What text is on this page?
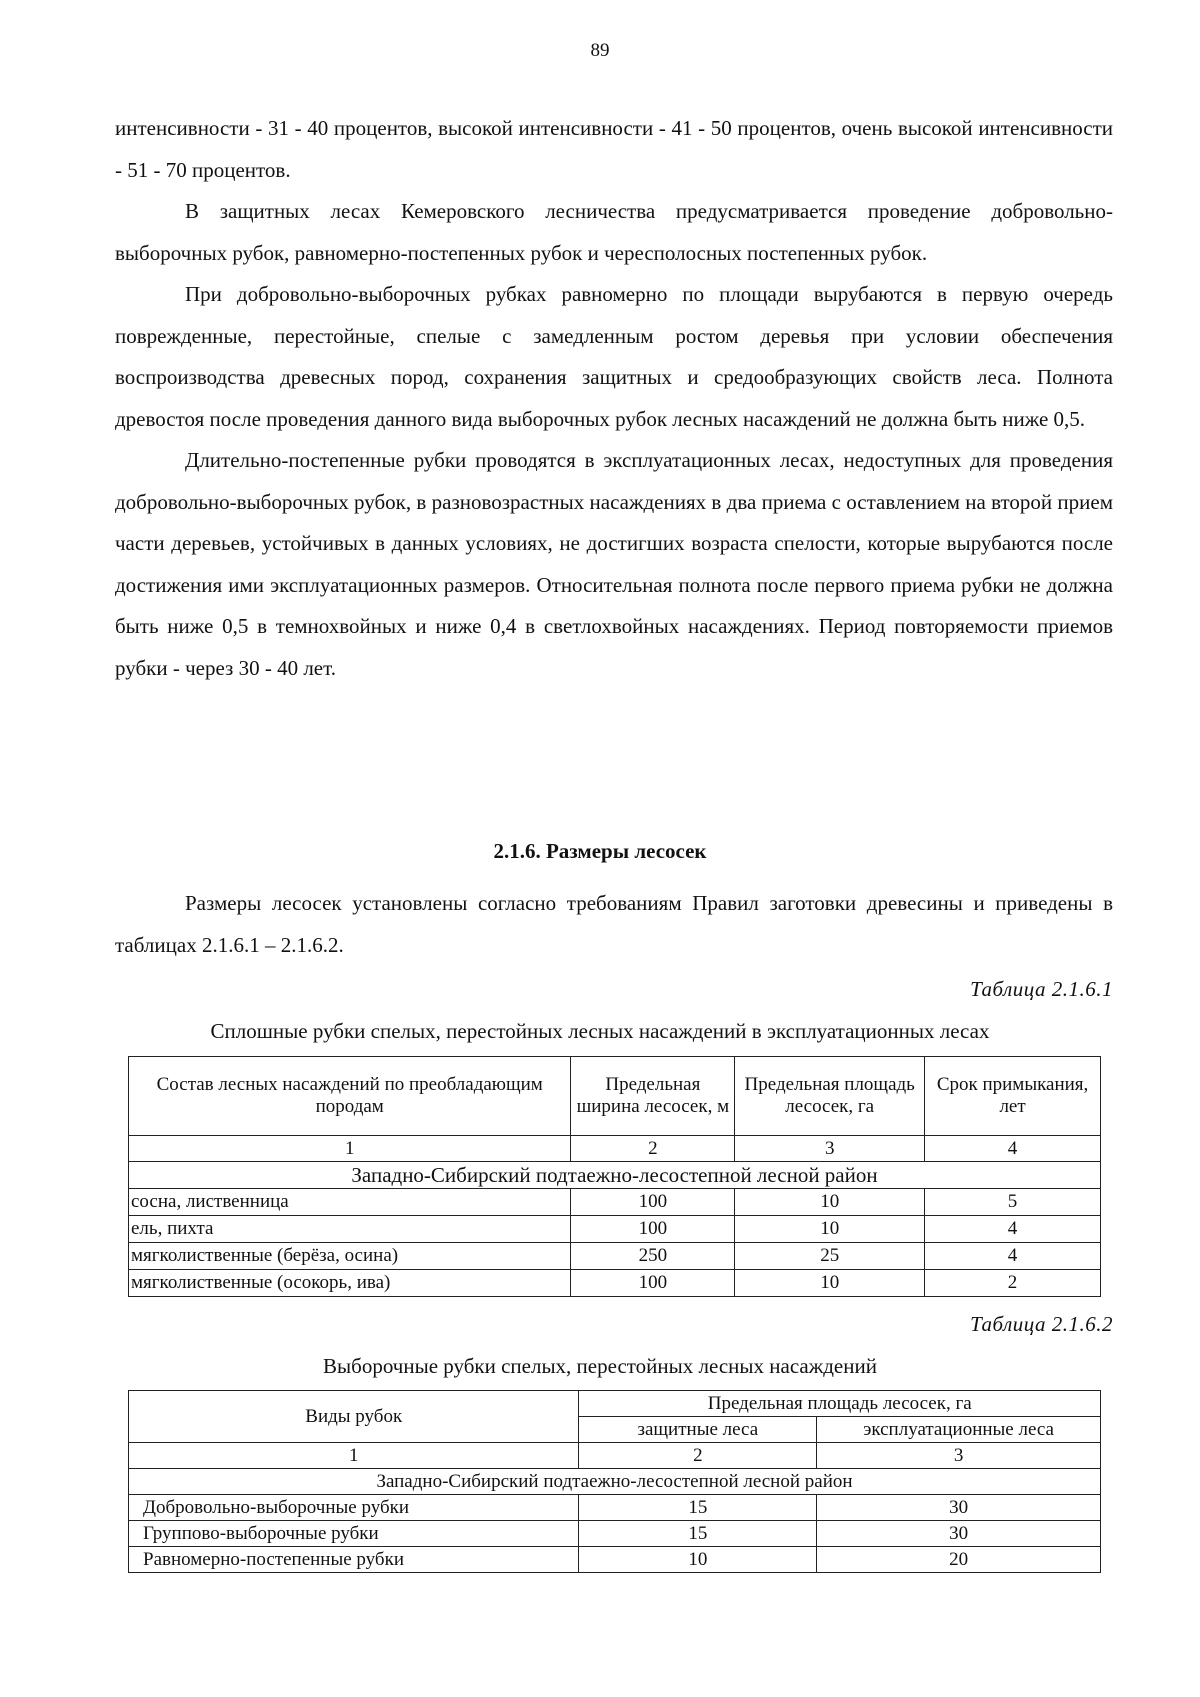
89

интенсивности - 31 - 40 процентов, высокой интенсивности - 41 - 50 процентов, очень высокой интенсивности - 51 - 70 процентов.

В защитных лесах Кемеровского лесничества предусматривается проведение добровольно-выборочных рубок, равномерно-постепенных рубок и чересполосных постепенных рубок.

При добровольно-выборочных рубках равномерно по площади вырубаются в первую очередь поврежденные, перестойные, спелые с замедленным ростом деревья при условии обеспечения воспроизводства древесных пород, сохранения защитных и средообразующих свойств леса. Полнота древостоя после проведения данного вида выборочных рубок лесных насаждений не должна быть ниже 0,5.

Длительно-постепенные рубки проводятся в эксплуатационных лесах, недоступных для проведения добровольно-выборочных рубок, в разновозрастных насаждениях в два приема с оставлением на второй прием части деревьев, устойчивых в данных условиях, не достигших возраста спелости, которые вырубаются после достижения ими эксплуатационных размеров. Относительная полнота после первого приема рубки не должна быть ниже 0,5 в темнохвойных и ниже 0,4 в светлохвойных насаждениях. Период повторяемости приемов рубки - через 30 - 40 лет.

2.1.6. Размеры лесосек

Размеры лесосек установлены согласно требованиям Правил заготовки древесины и приведены в таблицах 2.1.6.1 – 2.1.6.2.

Таблица 2.1.6.1
Сплошные рубки спелых, перестойных лесных насаждений в эксплуатационных лесах
Состав лесных насаждений по преобладающим породам	Предельная ширина лесосек, м	Предельная площадь лесосек, га	Срок примыкания, лет
1	2	3	4
Западно-Сибирский подтаежно-лесостепной лесной район			
сосна, лиственница	100	10	5
ель, пихта	100	10	4
мягколиственные (берёза, осина)	250	25	4
мягколиственные (осокорь, ива)	100	10	2
Таблица 2.1.6.2
Выборочные рубки спелых, перестойных лесных насаждений
Виды рубок	Предельная площадь лесосек, га	
	защитные леса	эксплуатационные леса
1	2	3
Западно-Сибирский подтаежно-лесостепной лесной район		
Добровольно-выборочные рубки	15	30
Группово-выборочные рубки	15	30
Равномерно-постепенные рубки	10	20
